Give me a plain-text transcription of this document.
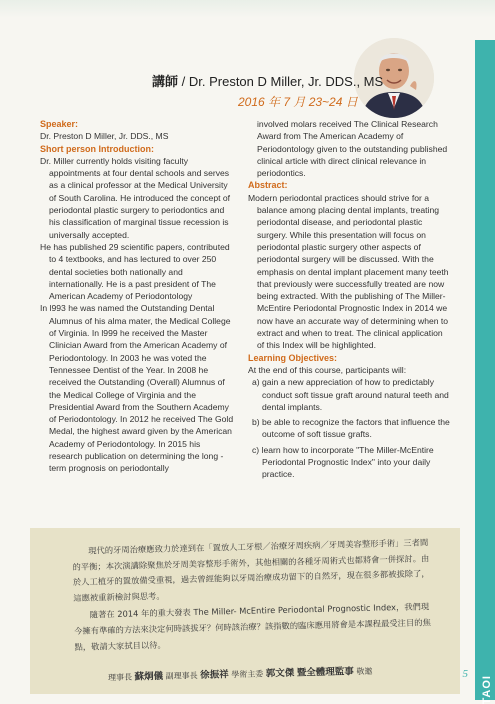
TAOI
5
講師 / Dr. Preston D Miller, Jr. DDS., MS
2016 年 7 月 23~24 日
Speaker:

Dr. Preston D Miller, Jr. DDS., MS

Short person Introduction:

Dr. Miller currently holds visiting faculty appointments at four dental schools and serves as a clinical professor at the Medical University of South Carolina. He introduced the concept of periodontal plastic surgery to periodontics and his classification of marginal tissue recession is universally accepted.

He has published 29 scientific papers, contributed to 4 textbooks, and has lectured to over 250 dental societies both nationally and internationally. He is a past president of The American Academy of Periodontology

In l993 he was named the Outstanding Dental Alumnus of his alma mater, the Medical College of Virginia. In l999 he received the Master Clinician Award from the American Academy of Periodontology. In 2003 he was voted the Tennessee Dentist of the Year. In 2008 he received the Outstanding (Overall) Alumnus of the Medical College of Virginia and the Presidential Award from the Southern Academy of Periodontology. In 2012 he received The Gold Medal, the highest award given by the American Academy of Periodontology. In 2015 his research publication on determining the long -term prognosis on periodontally

involved molars received The Clinical Research Award from The American Academy of Periodontology given to the outstanding published clinical article with direct clinical relevance in periodontics.

Abstract:

Modern periodontal practices should strive for a balance among placing dental implants, treating periodontal disease, and periodontal plastic surgery. While this presentation will focus on periodontal plastic surgery other aspects of periodontal surgery will be discussed. With the emphasis on dental implant placement many teeth that previously were successfully treated are now being extracted. With the publishing of The Miller- McEntire Periodontal Prognostic Index in 2014 we now have an accurate way of determining when to extract and when to treat. The clinical application of this Index will be highlighted.

Learning Objectives:

At the end of this course, participants will:

a) gain a new appreciation of how to predictably conduct soft tissue graft around natural teeth and dental implants.

b) be able to recognize the factors that influence the outcome of soft tissue grafts.

c) learn how to incorporate "The Miller-McEntire Periodontal Prognostic Index" into your daily practice.

現代的牙周治療應致力於達到在「置放人工牙根／治療牙周疾病／牙周美容整形手術」三者間的平衡；本次演講除聚焦於牙周美容整形手術外，其他相關的各種牙周術式也都將會一併探討。由於人工植牙的置放備受重視，過去曾經能夠以牙周治療成功留下的自然牙，現在很多都被拔除了，這應被重新檢討與思考。

隨著在 2014 年的重大發表 The Miller- McEntire Periodontal Prognostic Index，我們現今擁有準確的方法來決定何時該拔牙？何時該治療？該指數的臨床應用將會是本課程最受注目的焦點，敬請大家拭目以待。

理事長 蘇炯儀 副理事長 徐振祥 學術主委 郭文傑 暨全體理監事 敬邀
